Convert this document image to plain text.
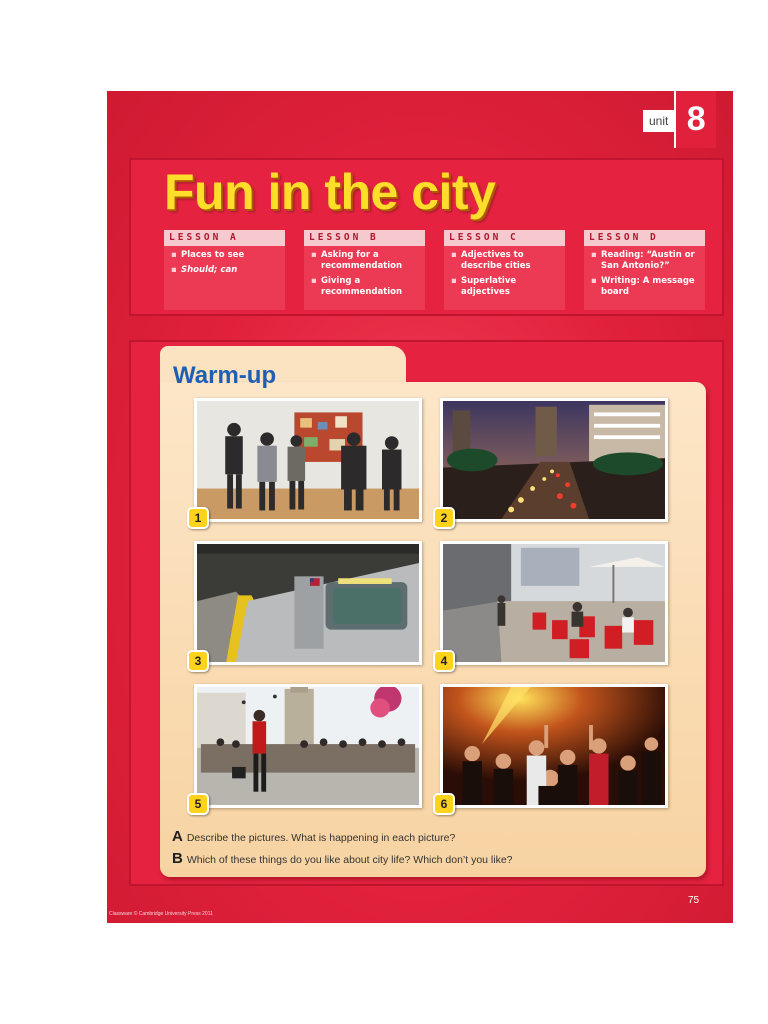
unit 8
Fun in the city
LESSON A
▪ Places to see
▪ Should; can
LESSON B
▪ Asking for a recommendation
▪ Giving a recommendation
LESSON C
▪ Adjectives to describe cities
▪ Superlative adjectives
LESSON D
▪ Reading: “Austin or San Antonio?”
▪ Writing: A message board
Warm-up
1	2
3	4
5	6
A Describe the pictures. What is happening in each picture?
B Which of these things do you like about city life? Which don’t you like?
75
Classware © Cambridge University Press 2011
